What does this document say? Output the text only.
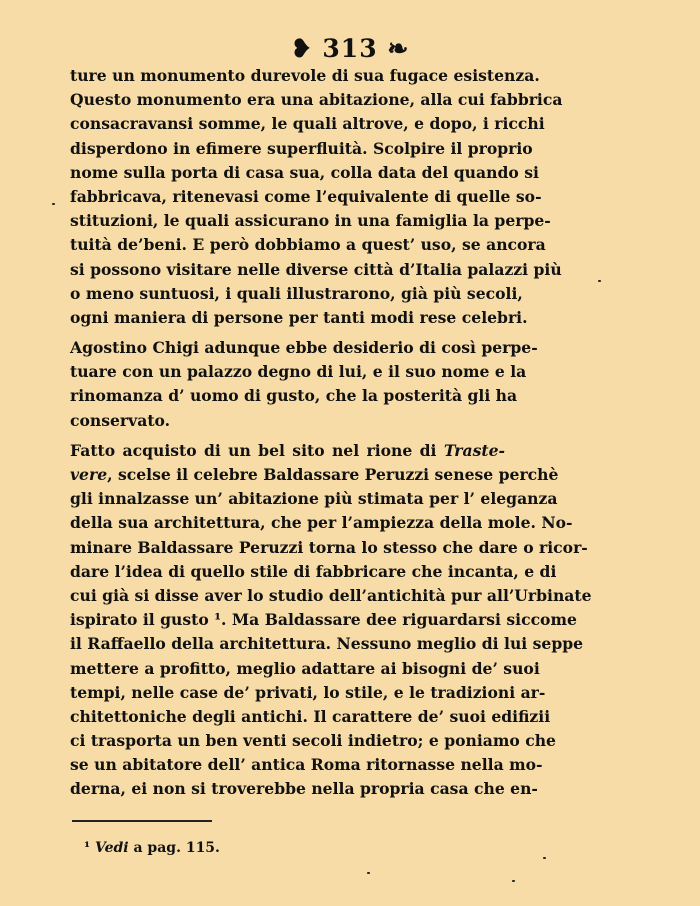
❥ 313 ❧

ture un monumento durevole di sua fugace esistenza.
Questo monumento era una abitazione, alla cui fabbrica
consacravansi somme, le quali altrove, e dopo, i ricchi
disperdono in efimere superfluità. Scolpire il proprio
nome sulla porta di casa sua, colla data del quando si
fabbricava, ritenevasi come l’equivalente di quelle so-
stituzioni, le quali assicurano in una famiglia la perpe-
tuità de’beni. E però dobbiamo a quest’ uso, se ancora
si possono visitare nelle diverse città d’Italia palazzi più
o meno suntuosi, i quali illustrarono, già più secoli,
ogni maniera di persone per tanti modi rese celebri.

Agostino Chigi adunque ebbe desiderio di così perpe-
tuare con un palazzo degno di lui, e il suo nome e la
rinomanza d’ uomo di gusto, che la posterità gli ha
conservato.

Fatto acquisto di un bel sito nel rione di Traste-
vere, scelse il celebre Baldassare Peruzzi senese perchè
gli innalzasse un’ abitazione più stimata per l’ eleganza
della sua architettura, che per l’ampiezza della mole. No-
minare Baldassare Peruzzi torna lo stesso che dare o ricor-
dare l’idea di quello stile di fabbricare che incanta, e di
cui già si disse aver lo studio dell’antichità pur all’Urbinate
ispirato il gusto ¹. Ma Baldassare dee riguardarsi siccome
il Raffaello della architettura. Nessuno meglio di lui seppe
mettere a profitto, meglio adattare ai bisogni de’ suoi
tempi, nelle case de’ privati, lo stile, e le tradizioni ar-
chitettoniche degli antichi. Il carattere de’ suoi edifizii
ci trasporta un ben venti secoli indietro; e poniamo che
se un abitatore dell’ antica Roma ritornasse nella mo-
derna, ei non si troverebbe nella propria casa che en-

¹ Vedi a pag. 115.
